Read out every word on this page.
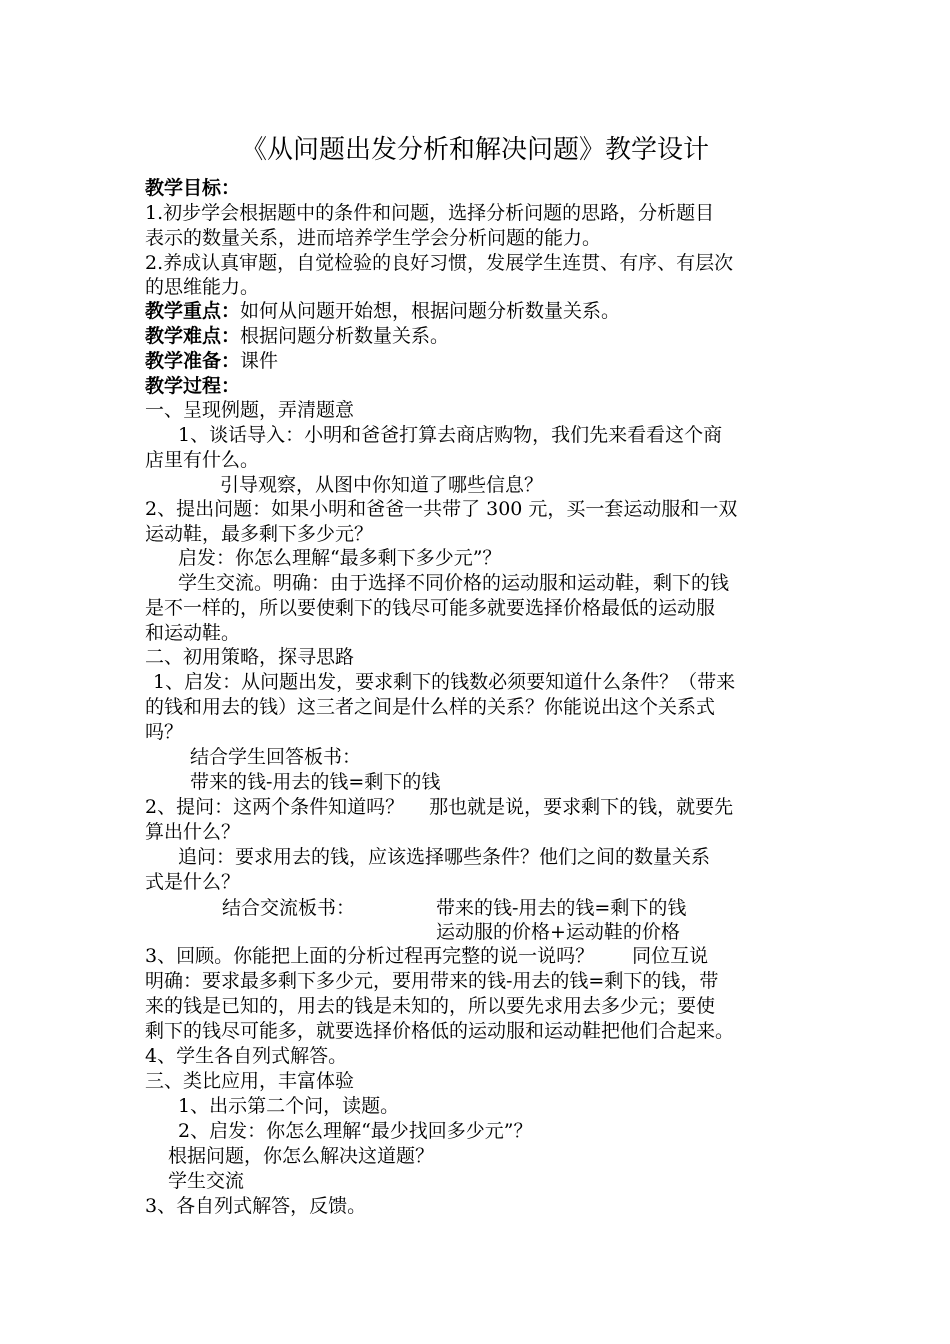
《从问题出发分析和解决问题》教学设计
教学目标：
1.初步学会根据题中的条件和问题，选择分析问题的思路，分析题目
表示的数量关系，进而培养学生学会分析问题的能力。
2.养成认真审题，自觉检验的良好习惯，发展学生连贯、有序、有层次
的思维能力。
教学重点：如何从问题开始想，根据问题分析数量关系。
教学难点：根据问题分析数量关系。
教学准备：课件
教学过程：
一、呈现例题，弄清题意
1、谈话导入：小明和爸爸打算去商店购物，我们先来看看这个商
店里有什么。
引导观察，从图中你知道了哪些信息？
2、提出问题：如果小明和爸爸一共带了 300 元，买一套运动服和一双
运动鞋，最多剩下多少元？
启发：你怎么理解“最多剩下多少元”？
学生交流。明确：由于选择不同价格的运动服和运动鞋，剩下的钱
是不一样的，所以要使剩下的钱尽可能多就要选择价格最低的运动服
和运动鞋。
二、初用策略，探寻思路
1、启发：从问题出发，要求剩下的钱数必须要知道什么条件？（带来
的钱和用去的钱）这三者之间是什么样的关系？你能说出这个关系式
吗？
结合学生回答板书：
带来的钱-用去的钱=剩下的钱
2、提问：这两个条件知道吗？　 那也就是说，要求剩下的钱，就要先
算出什么？
追问：要求用去的钱，应该选择哪些条件？他们之间的数量关系
式是什么？
结合交流板书：	带来的钱-用去的钱=剩下的钱
运动服的价格+运动鞋的价格
3、回顾。你能把上面的分析过程再完整的说一说吗？　　同位互说
明确：要求最多剩下多少元，要用带来的钱-用去的钱=剩下的钱，带
来的钱是已知的，用去的钱是未知的，所以要先求用去多少元；要使
剩下的钱尽可能多，就要选择价格低的运动服和运动鞋把他们合起来。
4、学生各自列式解答。
三、类比应用，丰富体验
1、出示第二个问，读题。
2、启发：你怎么理解“最少找回多少元”？
根据问题，你怎么解决这道题？
学生交流
3、各自列式解答，反馈。
